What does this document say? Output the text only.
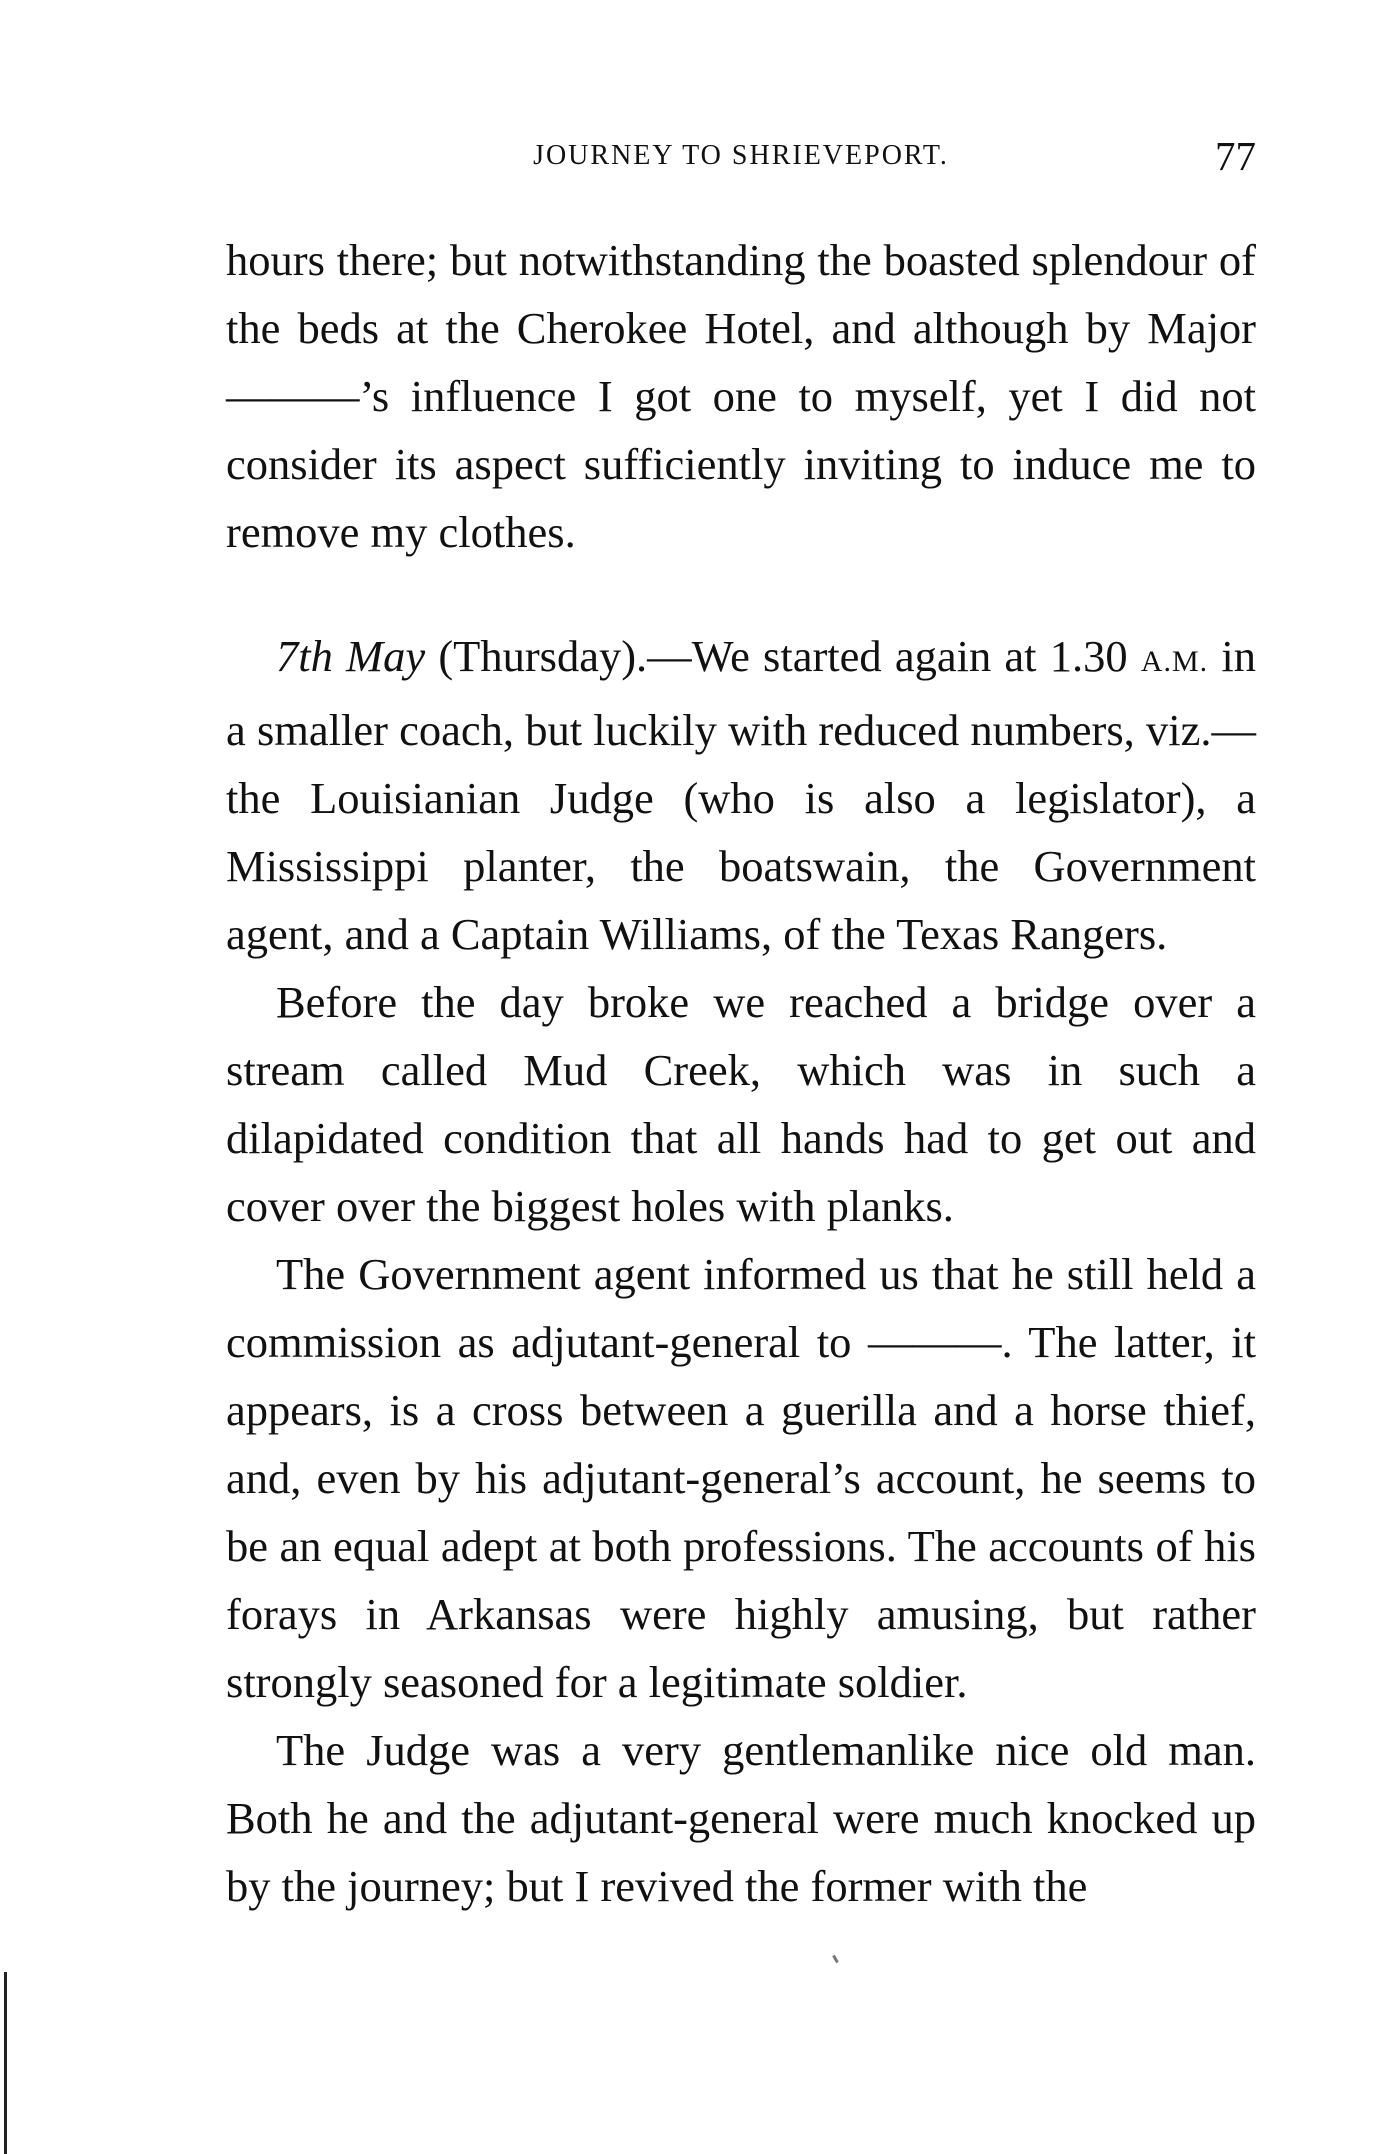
JOURNEY TO SHRIEVEPORT.	77

hours there; but notwithstanding the boasted splendour of the beds at the Cherokee Hotel, and although by Major ———’s influence I got one to myself, yet I did not consider its aspect sufficiently inviting to induce me to remove my clothes.

7th May (Thursday).—We started again at 1.30 A.M. in a smaller coach, but luckily with reduced numbers, viz.—the Louisianian Judge (who is also a legislator), a Mississippi planter, the boatswain, the Government agent, and a Captain Williams, of the Texas Rangers.

Before the day broke we reached a bridge over a stream called Mud Creek, which was in such a dilapidated condition that all hands had to get out and cover over the biggest holes with planks.

The Government agent informed us that he still held a commission as adjutant-general to ———. The latter, it appears, is a cross between a guerilla and a horse thief, and, even by his adjutant-general’s account, he seems to be an equal adept at both professions. The accounts of his forays in Arkansas were highly amusing, but rather strongly seasoned for a legitimate soldier.

The Judge was a very gentlemanlike nice old man. Both he and the adjutant-general were much knocked up by the journey; but I revived the former with the
